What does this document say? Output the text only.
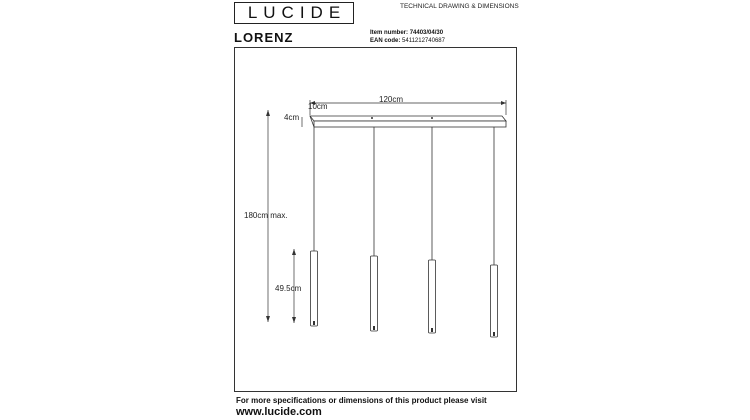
LUCIDE	TECHNICAL DRAWING & DIMENSIONS
LORENZ	Item number: 74403/04/30
EAN code: 5411212740687
120cm
10cm
4cm
180cm max.
49.5cm
For more specifications or dimensions of this product please visit
www.lucide.com
